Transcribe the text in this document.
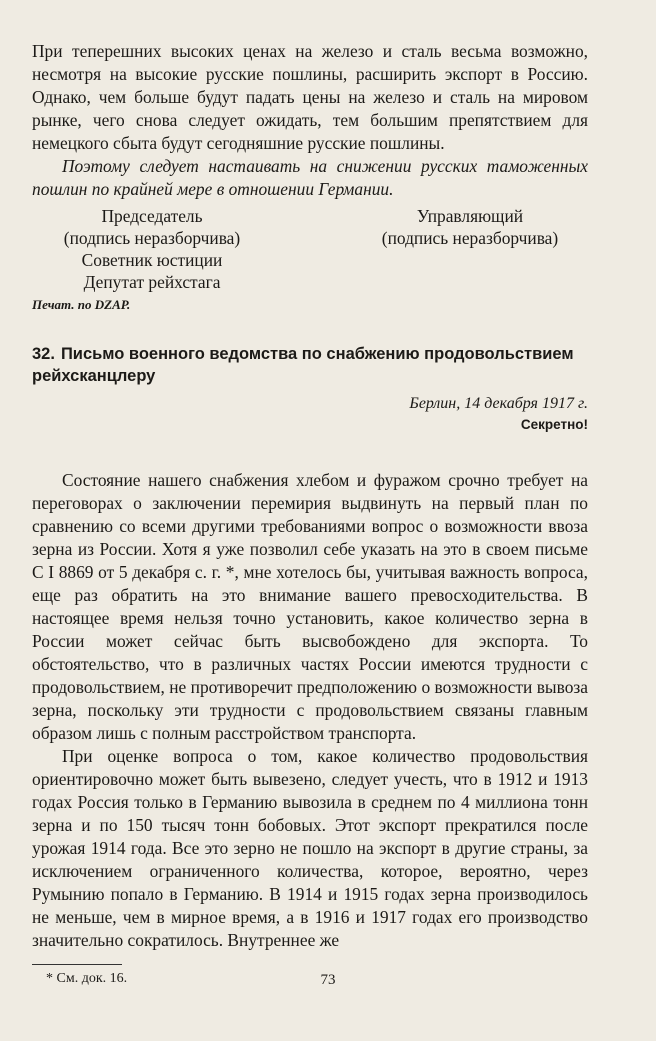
При теперешних высоких ценах на железо и сталь весьма возможно, несмотря на высокие русские пошлины, расширить экспорт в Россию. Однако, чем больше будут падать цены на железо и сталь на мировом рынке, чего снова следует ожидать, тем большим препятствием для немецкого сбыта будут сегодняшние русские пошлины.

Поэтому следует настаивать на снижении русских таможенных пошлин по крайней мере в отношении Германии.

Председатель
(подпись неразборчива)
Советник юстиции
Депутат рейхстага
Управляющий
(подпись неразборчива)
Печат. по DZAP.
32. Письмо военного ведомства по снабжению продовольствием рейхсканцлеру
Берлин, 14 декабря 1917 г.
Секретно!

Состояние нашего снабжения хлебом и фуражом срочно требует на переговорах о заключении перемирия выдвинуть на первый план по сравнению со всеми другими требованиями вопрос о возможности ввоза зерна из России. Хотя я уже позволил себе указать на это в своем письме С I 8869 от 5 декабря с. г. *, мне хотелось бы, учитывая важность вопроса, еще раз обратить на это внимание вашего превосходительства. В настоящее время нельзя точно установить, какое количество зерна в России может сейчас быть высвобождено для экспорта. То обстоятельство, что в различных частях России имеются трудности с продовольствием, не противоречит предположению о возможности вывоза зерна, поскольку эти трудности с продовольствием связаны главным образом лишь с полным расстройством транспорта.

При оценке вопроса о том, какое количество продовольствия ориентировочно может быть вывезено, следует учесть, что в 1912 и 1913 годах Россия только в Германию вывозила в среднем по 4 миллиона тонн зерна и по 150 тысяч тонн бобовых. Этот экспорт прекратился после урожая 1914 года. Все это зерно не пошло на экспорт в другие страны, за исключением ограниченного количества, которое, вероятно, через Румынию попало в Германию. В 1914 и 1915 годах зерна производилось не меньше, чем в мирное время, а в 1916 и 1917 годах его производство значительно сократилось. Внутреннее же

* См. док. 16.	73
